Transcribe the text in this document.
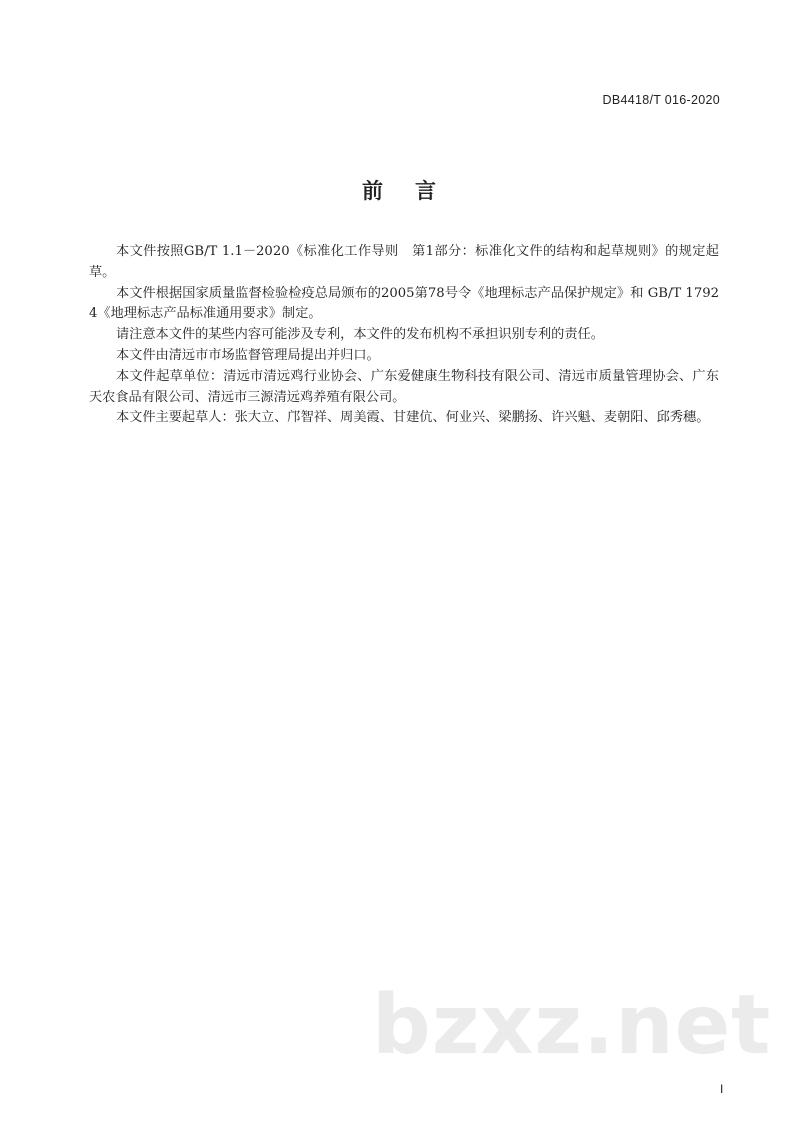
DB4418/T 016-2020
前 言

本文件按照GB/T 1.1－2020《标准化工作导则　第1部分：标准化文件的结构和起草规则》的规定起草。

本文件根据国家质量监督检验检疫总局颁布的2005第78号令《地理标志产品保护规定》和 GB/T 17924《地理标志产品标准通用要求》制定。

请注意本文件的某些内容可能涉及专利，本文件的发布机构不承担识别专利的责任。

本文件由清远市市场监督管理局提出并归口。

本文件起草单位：清远市清远鸡行业协会、广东爱健康生物科技有限公司、清远市质量管理协会、广东天农食品有限公司、清远市三源清远鸡养殖有限公司。

本文件主要起草人：张大立、邝智祥、周美霞、甘建伉、何业兴、梁鹏扬、许兴魁、麦朝阳、邱秀穗。

bzxz.net
I
